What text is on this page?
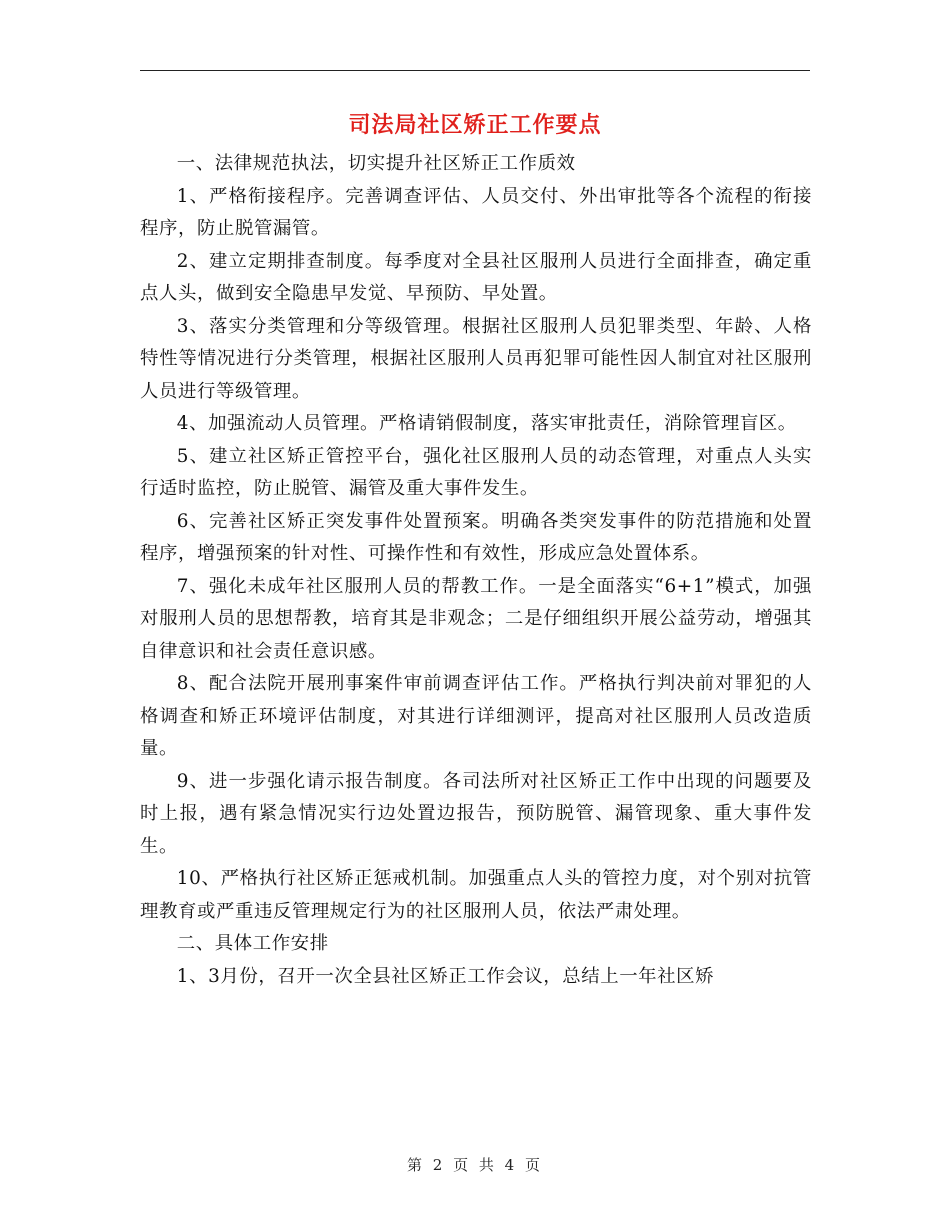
司法局社区矫正工作要点

一、法律规范执法，切实提升社区矫正工作质效

1、严格衔接程序。完善调查评估、人员交付、外出审批等各个流程的衔接程序，防止脱管漏管。

2、建立定期排查制度。每季度对全县社区服刑人员进行全面排查，确定重点人头，做到安全隐患早发觉、早预防、早处置。

3、落实分类管理和分等级管理。根据社区服刑人员犯罪类型、年龄、人格特性等情况进行分类管理，根据社区服刑人员再犯罪可能性因人制宜对社区服刑人员进行等级管理。

4、加强流动人员管理。严格请销假制度，落实审批责任，消除管理盲区。

5、建立社区矫正管控平台，强化社区服刑人员的动态管理，对重点人头实行适时监控，防止脱管、漏管及重大事件发生。

6、完善社区矫正突发事件处置预案。明确各类突发事件的防范措施和处置程序，增强预案的针对性、可操作性和有效性，形成应急处置体系。

7、强化未成年社区服刑人员的帮教工作。一是全面落实“6+1”模式，加强对服刑人员的思想帮教，培育其是非观念；二是仔细组织开展公益劳动，增强其自律意识和社会责任意识感。

8、配合法院开展刑事案件审前调查评估工作。严格执行判决前对罪犯的人格调查和矫正环境评估制度，对其进行详细测评，提高对社区服刑人员改造质量。

9、进一步强化请示报告制度。各司法所对社区矫正工作中出现的问题要及时上报，遇有紧急情况实行边处置边报告，预防脱管、漏管现象、重大事件发生。

10、严格执行社区矫正惩戒机制。加强重点人头的管控力度，对个别对抗管理教育或严重违反管理规定行为的社区服刑人员，依法严肃处理。

二、具体工作安排

1、3月份，召开一次全县社区矫正工作会议，总结上一年社区矫

第 2 页 共 4 页
